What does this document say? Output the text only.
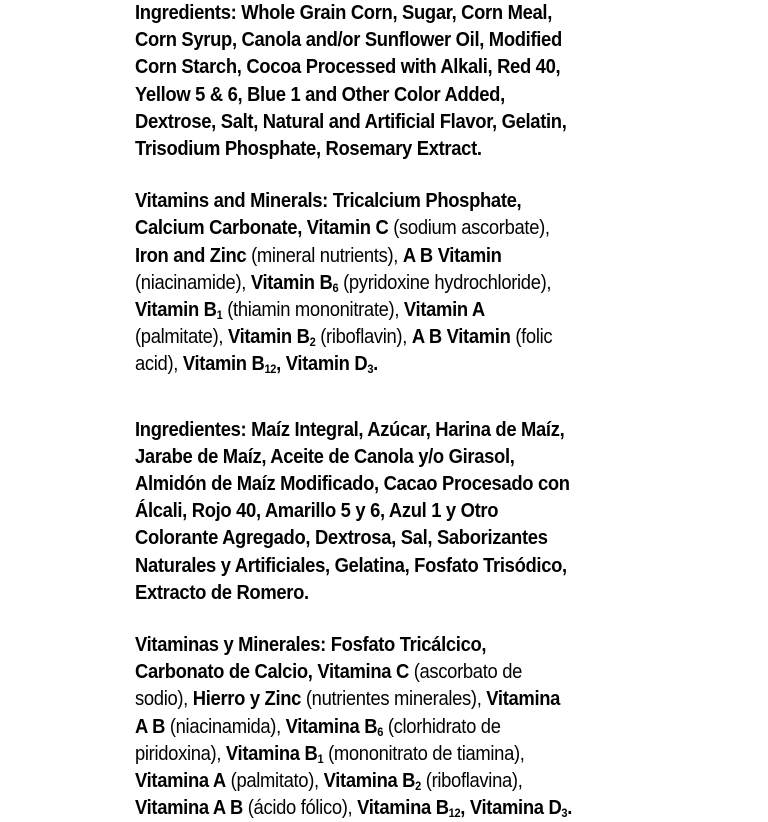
Ingredients: Whole Grain Corn, Sugar, Corn Meal,
Corn Syrup, Canola and/or Sunflower Oil, Modified
Corn Starch, Cocoa Processed with Alkali, Red 40,
Yellow 5 & 6, Blue 1 and Other Color Added,
Dextrose, Salt, Natural and Artificial Flavor, Gelatin,
Trisodium Phosphate, Rosemary Extract.

Vitamins and Minerals: Tricalcium Phosphate,
Calcium Carbonate, Vitamin C (sodium ascorbate),
Iron and Zinc (mineral nutrients), A B Vitamin
(niacinamide), Vitamin $B_6$ (pyridoxine hydrochloride),
Vitamin $B_1$ (thiamin mononitrate), Vitamin A
(palmitate), Vitamin $B_2$ (riboflavin), A B Vitamin (folic
acid), Vitamin $B_{12}$, Vitamin $D_3$.

Ingredientes: Maíz Integral, Azúcar, Harina de Maíz,
Jarabe de Maíz, Aceite de Canola y/o Girasol,
Almidón de Maíz Modificado, Cacao Procesado con
Álcali, Rojo 40, Amarillo 5 y 6, Azul 1 y Otro
Colorante Agregado, Dextrosa, Sal, Saborizantes
Naturales y Artificiales, Gelatina, Fosfato Trisódico,
Extracto de Romero.

Vitaminas y Minerales: Fosfato Tricálcico,
Carbonato de Calcio, Vitamina C (ascorbato de
sodio), Hierro y Zinc (nutrientes minerales), Vitamina
A B (niacinamida), Vitamina $B_6$ (clorhidrato de
piridoxina), Vitamina $B_1$ (mononitrato de tiamina),
Vitamina A (palmitato), Vitamina $B_2$ (riboflavina),
Vitamina A B (ácido fólico), Vitamina $B_{12}$, Vitamina $D_3$.
